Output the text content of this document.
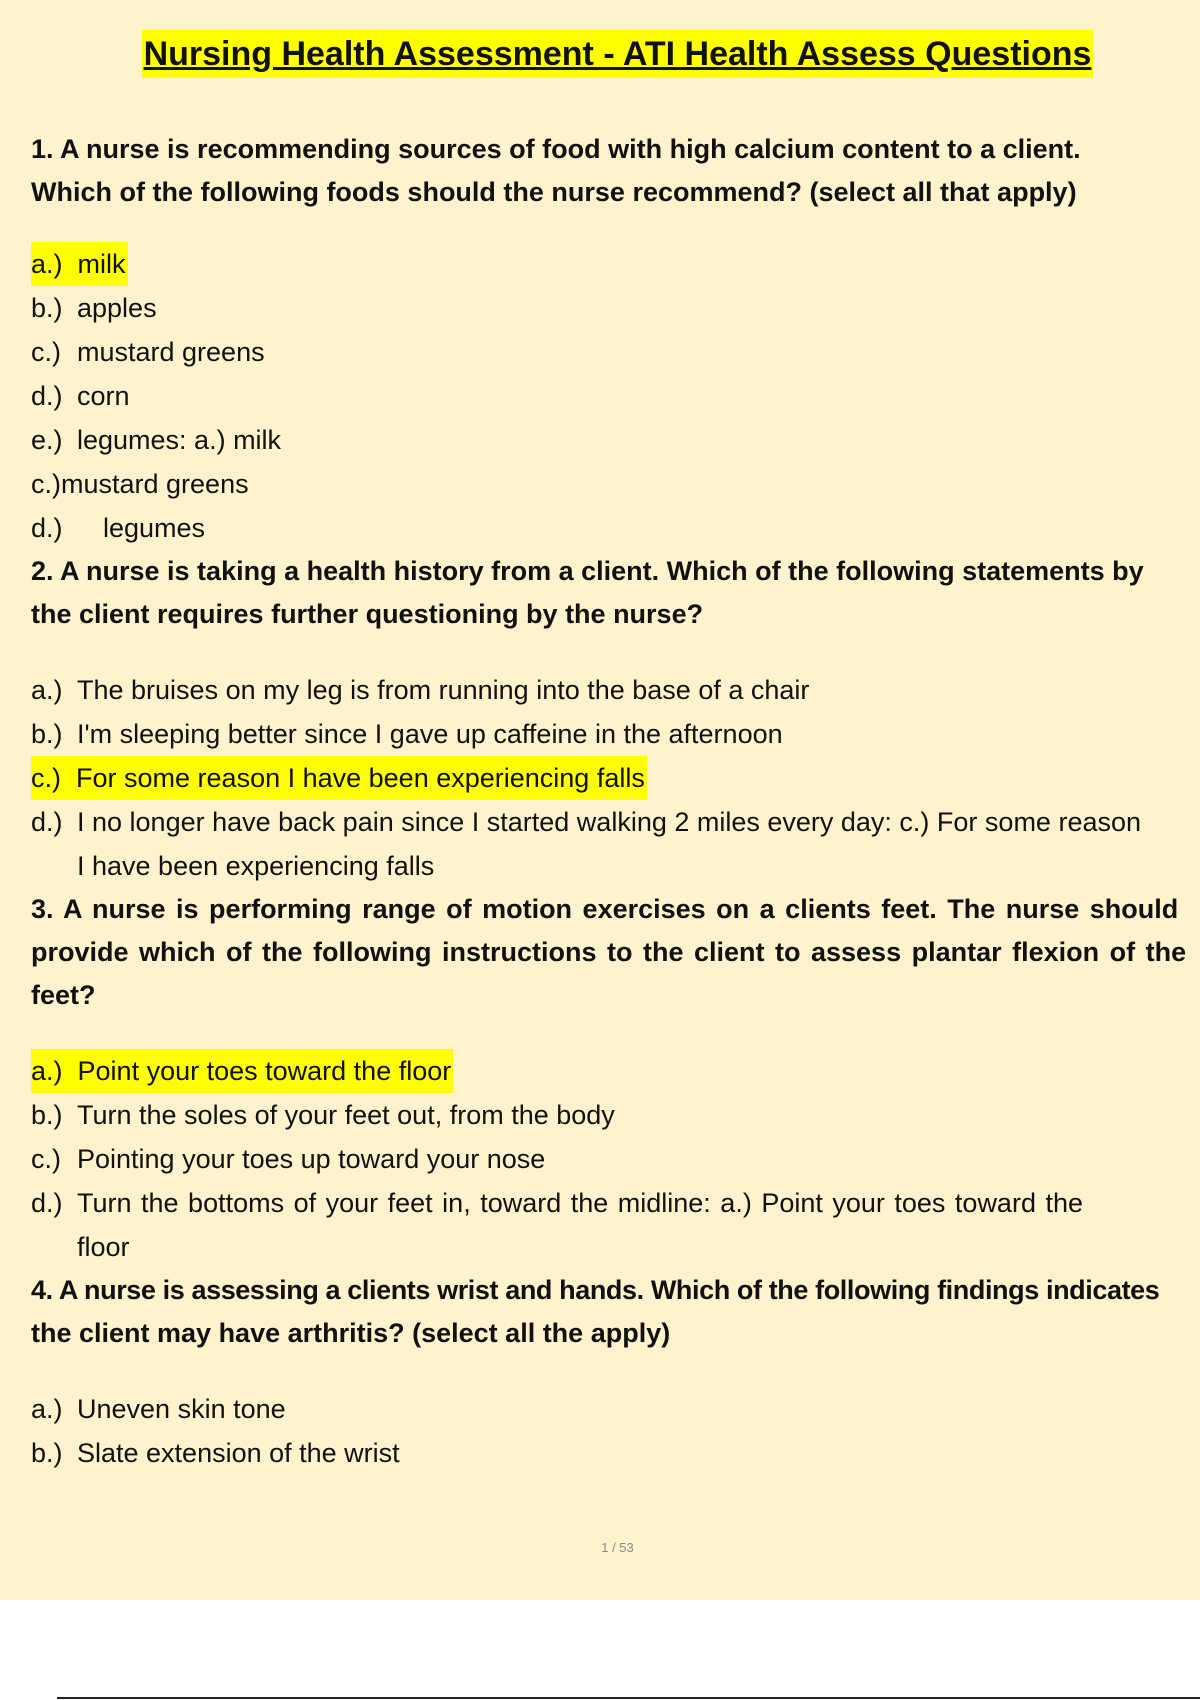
Nursing Health Assessment - ATI Health Assess Questions

1. A nurse is recommending sources of food with high calcium content to a client.

Which of the following foods should the nurse recommend? (select all that apply)

a.) milk
b.) apples
c.) mustard greens
d.) corn
e.) legumes: a.) milk
c.)mustard greens
d.) legumes

2. A nurse is taking a health history from a client. Which of the following statements by

the client requires further questioning by the nurse?

a.) The bruises on my leg is from running into the base of a chair
b.) I'm sleeping better since I gave up caffeine in the afternoon
c.) For some reason I have been experiencing falls
d.) I no longer have back pain since I started walking 2 miles every day: c.) For some reason
I have been experiencing falls

3. A nurse is performing range of motion exercises on a clients feet. The nurse should

provide which of the following instructions to the client to assess plantar flexion of the

feet?

a.) Point your toes toward the floor
b.) Turn the soles of your feet out, from the body
c.) Pointing your toes up toward your nose
d.) Turn the bottoms of your feet in, toward the midline: a.) Point your toes toward the
floor

4. A nurse is assessing a clients wrist and hands. Which of the following findings indicates

the client may have arthritis? (select all the apply)

a.) Uneven skin tone
b.) Slate extension of the wrist
1 / 53
